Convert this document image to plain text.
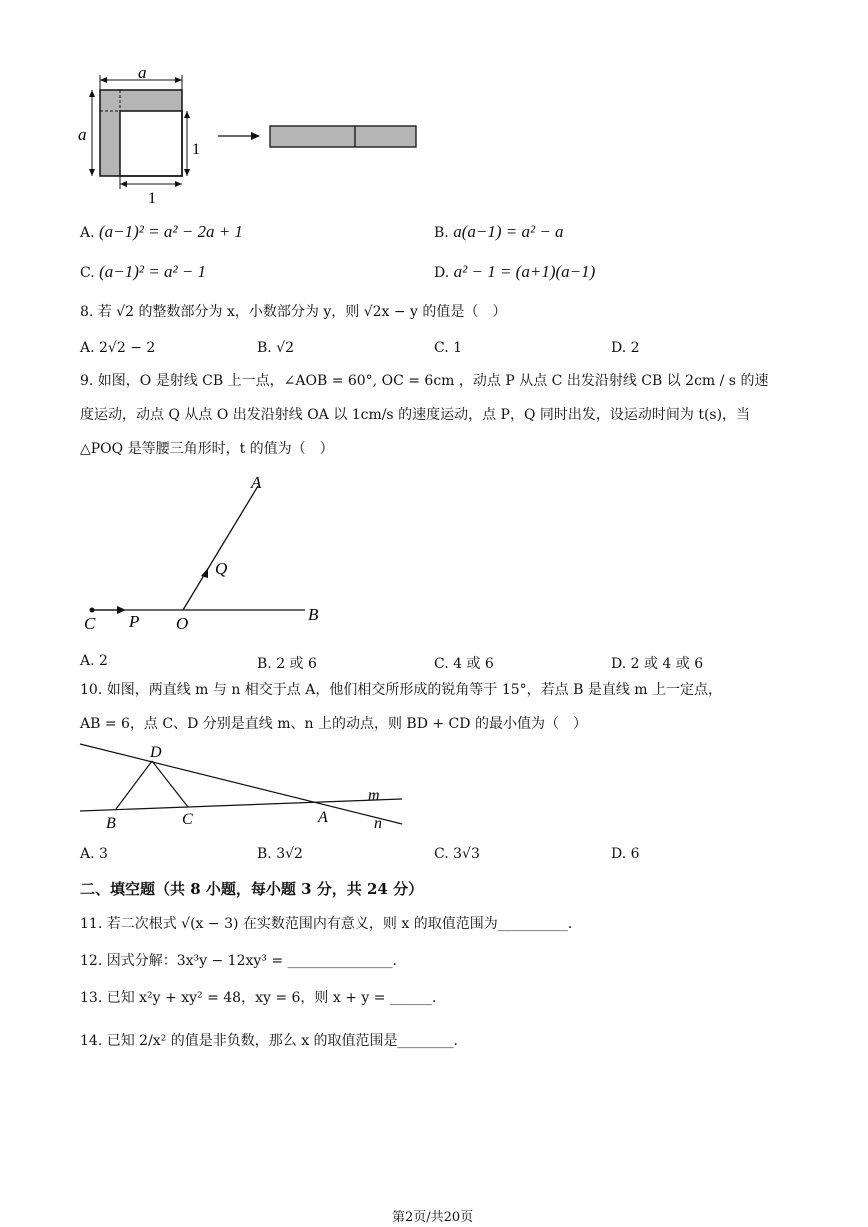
a
a
1
1
A. (a−1)² = a² − 2a + 1	B. a(a−1) = a² − a
C. (a−1)² = a² − 1	D. a² − 1 = (a+1)(a−1)
8. 若 √2 的整数部分为 x，小数部分为 y，则 √2x − y 的值是（　）
A. 2√2 − 2	B. √2	C. 1	D. 2
9. 如图，O 是射线 CB 上一点，∠AOB = 60°, OC = 6cm ，动点 P 从点 C 出发沿射线 CB 以 2cm / s 的速
度运动，动点 Q 从点 O 出发沿射线 OA 以 1cm/s 的速度运动，点 P，Q 同时出发，设运动时间为 t(s)，当
△POQ 是等腰三角形时，t 的值为（　）
A
Q
C P O	B
A. 2	B. 2 或 6	C. 4 或 6	D. 2 或 4 或 6
10. 如图，两直线 m 与 n 相交于点 A，他们相交所形成的锐角等于 15°，若点 B 是直线 m 上一定点，
AB = 6，点 C、D 分别是直线 m、n 上的动点，则 BD + CD 的最小值为（　）
D
m
B	C	A	n
A. 3	B. 3√2	C. 3√3	D. 6
二、填空题（共 8 小题，每小题 3 分，共 24 分）
11. 若二次根式 √(x − 3) 在实数范围内有意义，则 x 的取值范围为__________.
12. 因式分解：3x³y − 12xy³ = _______________.
13. 已知 x²y + xy² = 48，xy = 6，则 x + y = ______.
14. 已知 2/x² 的值是非负数，那么 x 的取值范围是________.
第2页/共20页
